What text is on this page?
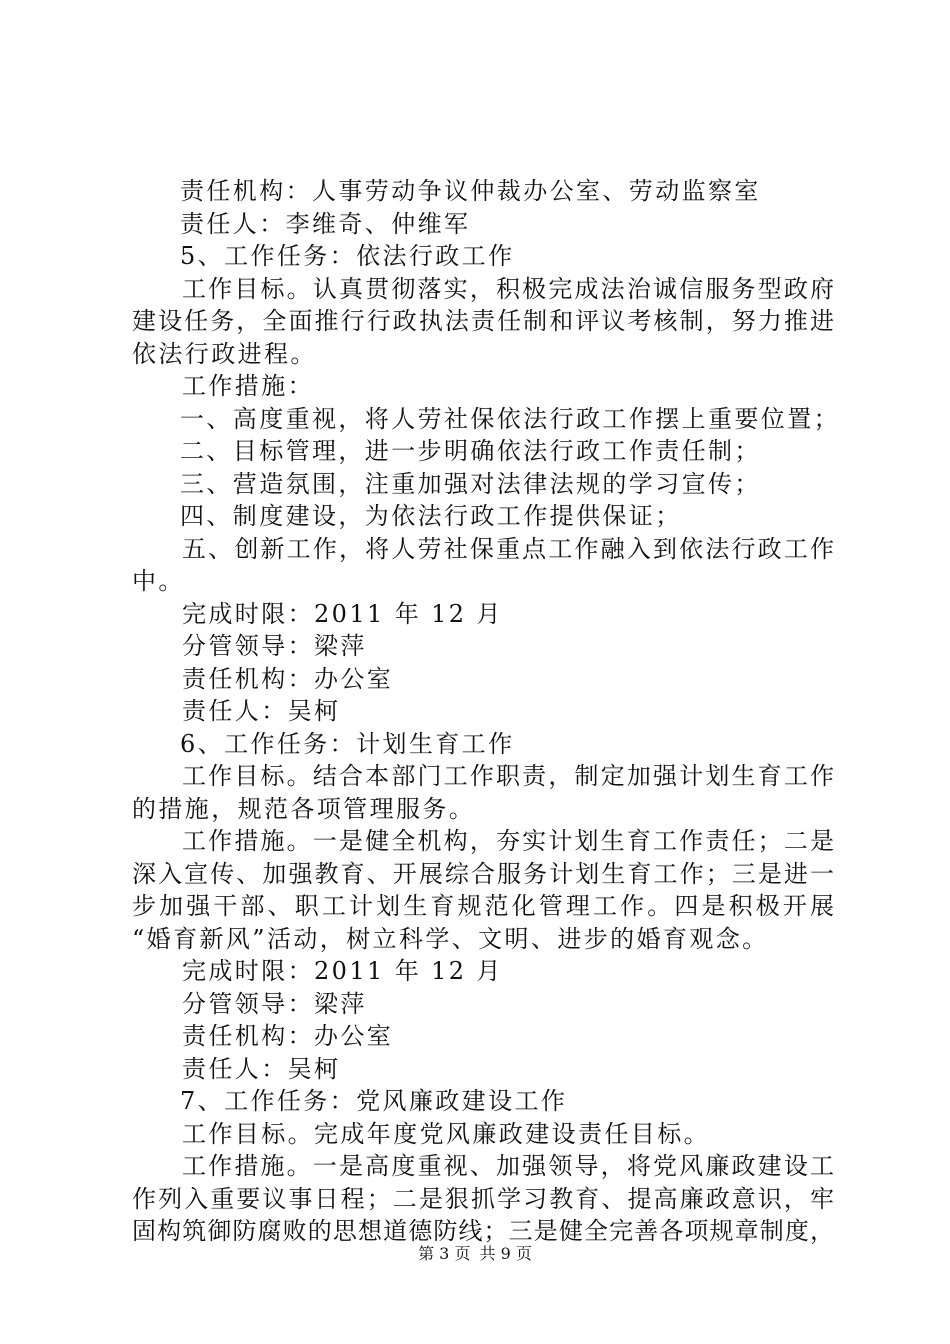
责任机构：人事劳动争议仲裁办公室、劳动监察室
责任人：李维奇、仲维军
5、工作任务：依法行政工作
工作目标。认真贯彻落实，积极完成法治诚信服务型政府
建设任务，全面推行行政执法责任制和评议考核制，努力推进
依法行政进程。
工作措施：
一、高度重视，将人劳社保依法行政工作摆上重要位置；
二、目标管理，进一步明确依法行政工作责任制；
三、营造氛围，注重加强对法律法规的学习宣传；
四、制度建设，为依法行政工作提供保证；
五、创新工作，将人劳社保重点工作融入到依法行政工作
中。
完成时限：2011 年 12 月
分管领导：梁萍
责任机构：办公室
责任人：吴柯
6、工作任务：计划生育工作
工作目标。结合本部门工作职责，制定加强计划生育工作
的措施，规范各项管理服务。
工作措施。一是健全机构，夯实计划生育工作责任；二是
深入宣传、加强教育、开展综合服务计划生育工作；三是进一
步加强干部、职工计划生育规范化管理工作。四是积极开展
“婚育新风”活动，树立科学、文明、进步的婚育观念。
完成时限：2011 年 12 月
分管领导：梁萍
责任机构：办公室
责任人：吴柯
7、工作任务：党风廉政建设工作
工作目标。完成年度党风廉政建设责任目标。
工作措施。一是高度重视、加强领导，将党风廉政建设工
作列入重要议事日程；二是狠抓学习教育、提高廉政意识，牢
固构筑御防腐败的思想道德防线；三是健全完善各项规章制度，
第 3 页 共 9 页
